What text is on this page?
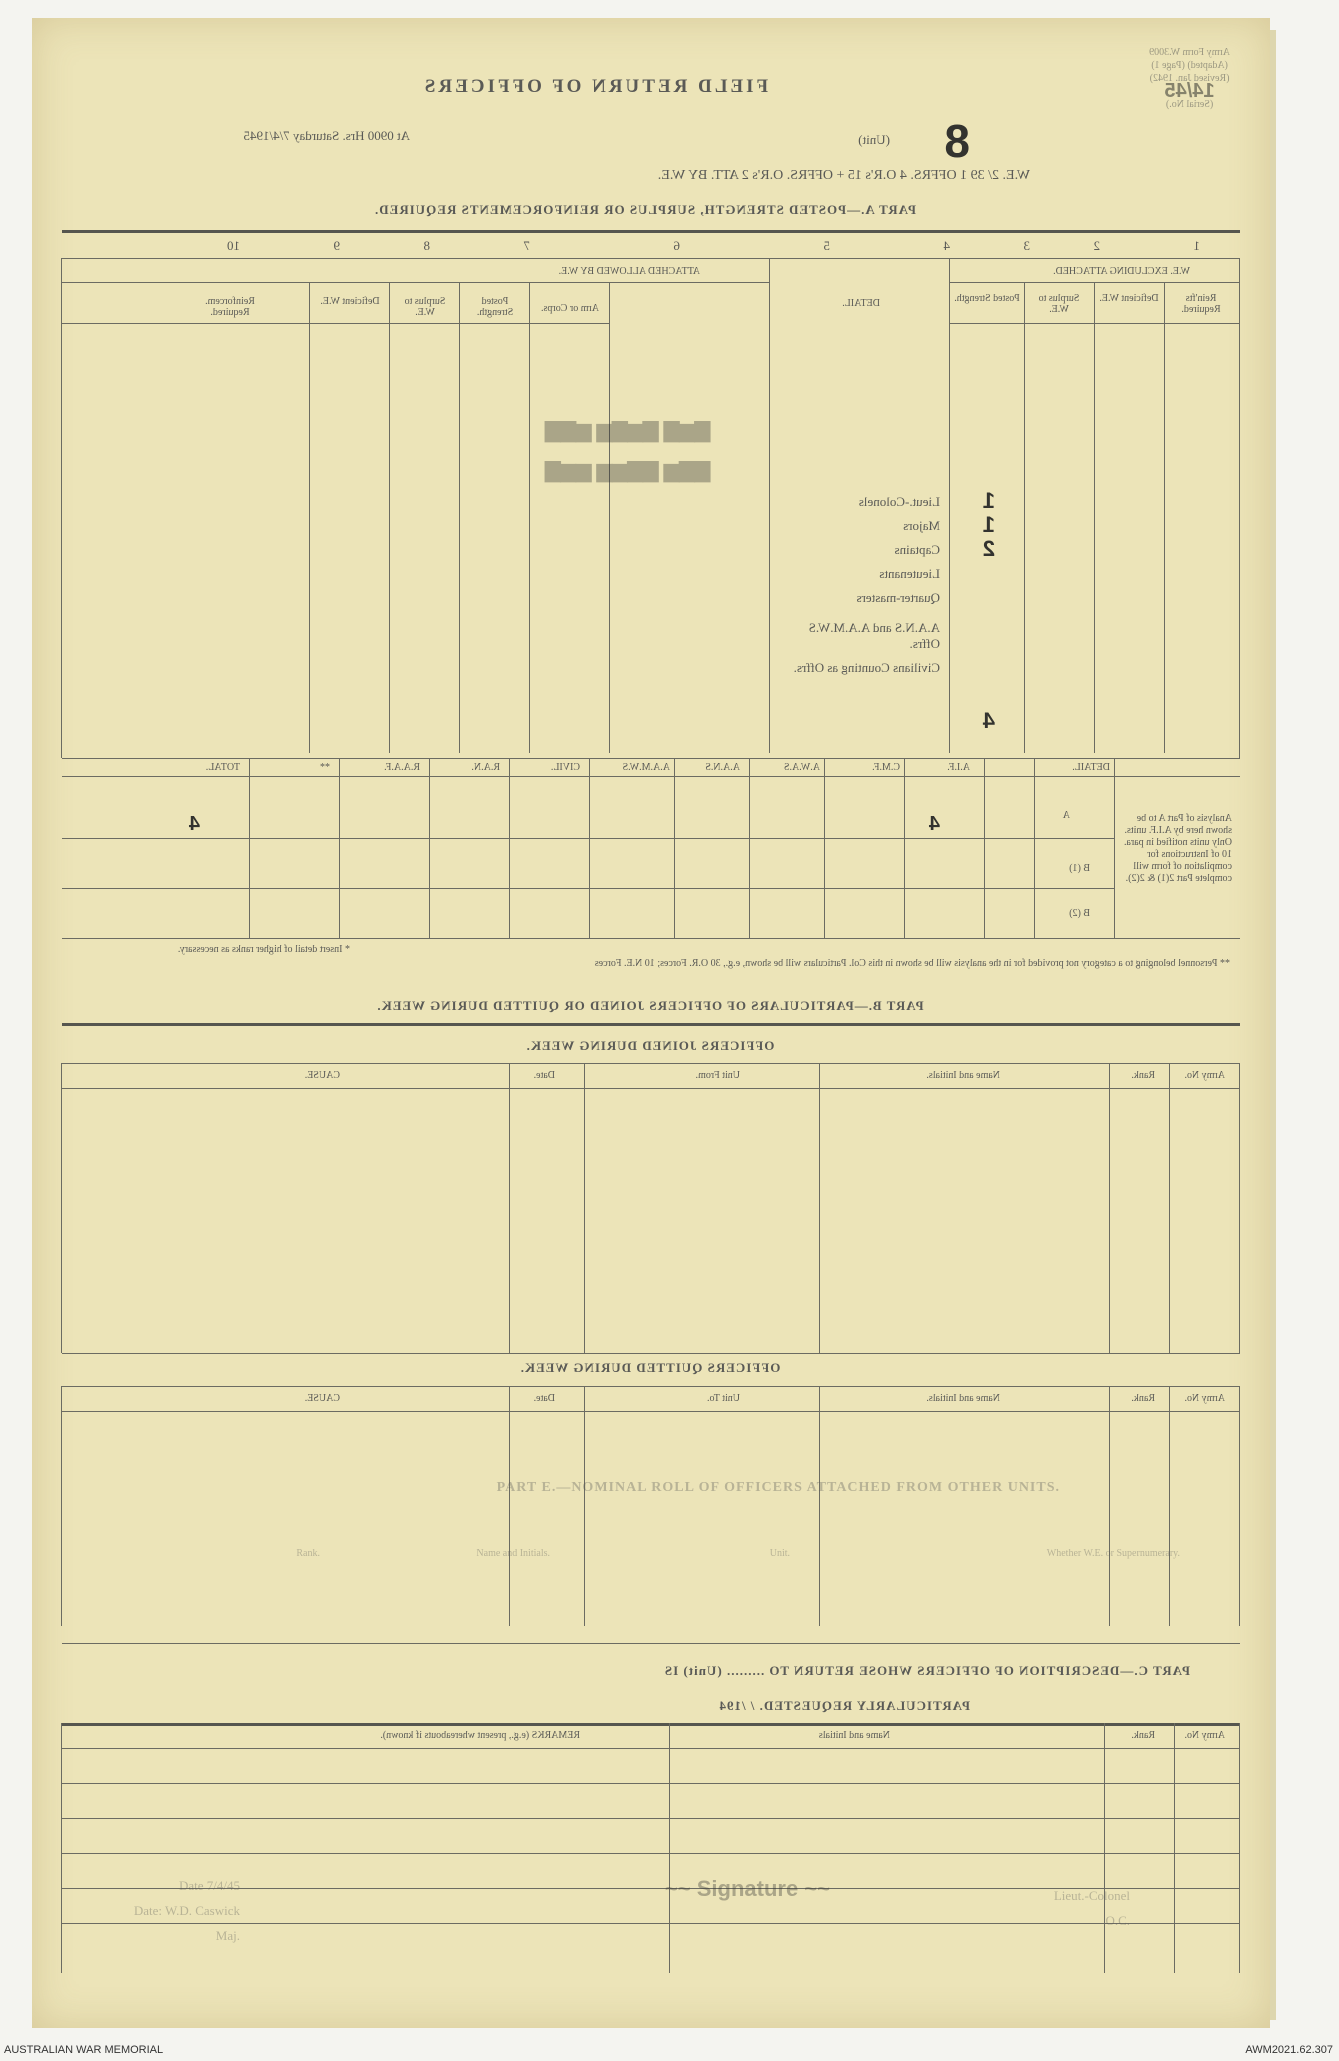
Army Form W.3009
(Adapted) (Page 1)
(Revised Jan. 1942)
14/45
(Serial No.)
FIELD RETURN OF OFFICERS
8
(Unit)
At 0900 Hrs. Saturday 7/4/1945
W.E. 2/ 39 1 OFFRS. 4 O.R's 15 + OFFRS. O.R's 2 ATT. BY W.E.
PART A.—POSTED STRENGTH, SURPLUS OR REINFORCEMENTS REQUIRED.
1
2
3
4
5
6
7
8
9
10
W.E. EXCLUDING ATTACHED.
ATTACHED ALLOWED BY W.E.
DETAIL.	Rein'fts Required.
Deficient W.E.
Surplus to W.E.
Posted Strength.
Arm or Corps.
Posted Strength.
Surplus to W.E.
Deficient W.E.
Reinforcem. Required.
Lieut.-Colonels
Majors
Captains
Lieutenants
Quarter-masters
A.A.N.S and A.A.M.W.S Offrs.
Civilians Counting as Offrs.
1
1
2
4
▇▆▇ ▇▆▇▆ ▆▇▇
▇▇▆ ▇▇▆▆ ▆▆▇
DETAIL.
A.I.F.
C.M.F.
A.W.A.S
A.A.N.S
A.A.M.W.S
CIVIL.
R.A.N.
R.A.A.F.
**
TOTAL.
Analysis of Part A to be shown here by A.I.F. units. Only units notified in para. 10 of Instructions for compilation of form will complete Part 2(1) & 2(2).
A
B (1)
B (2)
4
4
* Insert detail of higher ranks as necessary.
** Personnel belonging to a category not provided for in the analysis will be shown in this Col. Particulars will be shown, e.g., 30 O.R. Forces; 10 N.E. Forces
PART B.—PARTICULARS OF OFFICERS JOINED OR QUITTED DURING WEEK.
OFFICERS JOINED DURING WEEK.
Army No.
Rank.
Name and Initials.
Unit From.
Date.
CAUSE.
OFFICERS QUITTED DURING WEEK.
Army No.
Rank.
Name and Initials.
Unit To.
Date.
CAUSE.
PART E.—NOMINAL ROLL OF OFFICERS ATTACHED FROM OTHER UNITS.
Whether W.E. or Supernumerary.
Unit.
Name and Initials.
Rank.
PART C.—DESCRIPTION OF OFFICERS WHOSE RETURN TO ......... (Unit) IS
PARTICULARLY REQUESTED. / /194
Army No.
Rank.
Name and Initials
REMARKS (e.g., present whereabouts if known).
Date 7/4/45
Date: W.D. Caswick
Maj.
Lieut.-Colonel
O.C.
~~ Signature ~~
AUSTRALIAN WAR MEMORIAL	AWM2021.62.307
